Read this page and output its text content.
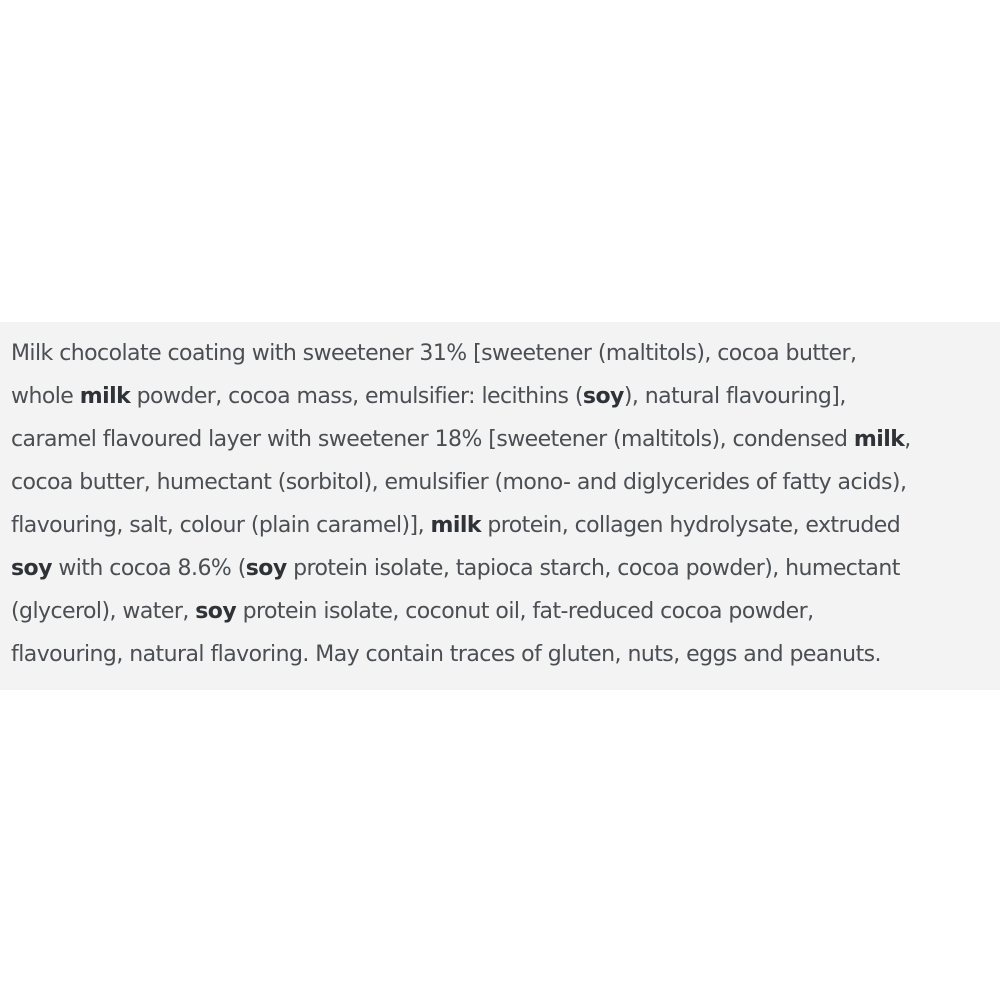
Milk chocolate coating with sweetener 31% [sweetener (maltitols), cocoa butter,
whole milk powder, cocoa mass, emulsifier: lecithins (soy), natural flavouring],
caramel flavoured layer with sweetener 18% [sweetener (maltitols), condensed milk,
cocoa butter, humectant (sorbitol), emulsifier (mono- and diglycerides of fatty acids),
flavouring, salt, colour (plain caramel)], milk protein, collagen hydrolysate, extruded
soy with cocoa 8.6% (soy protein isolate, tapioca starch, cocoa powder), humectant
(glycerol), water, soy protein isolate, coconut oil, fat-reduced cocoa powder,
flavouring, natural flavoring. May contain traces of gluten, nuts, eggs and peanuts.
